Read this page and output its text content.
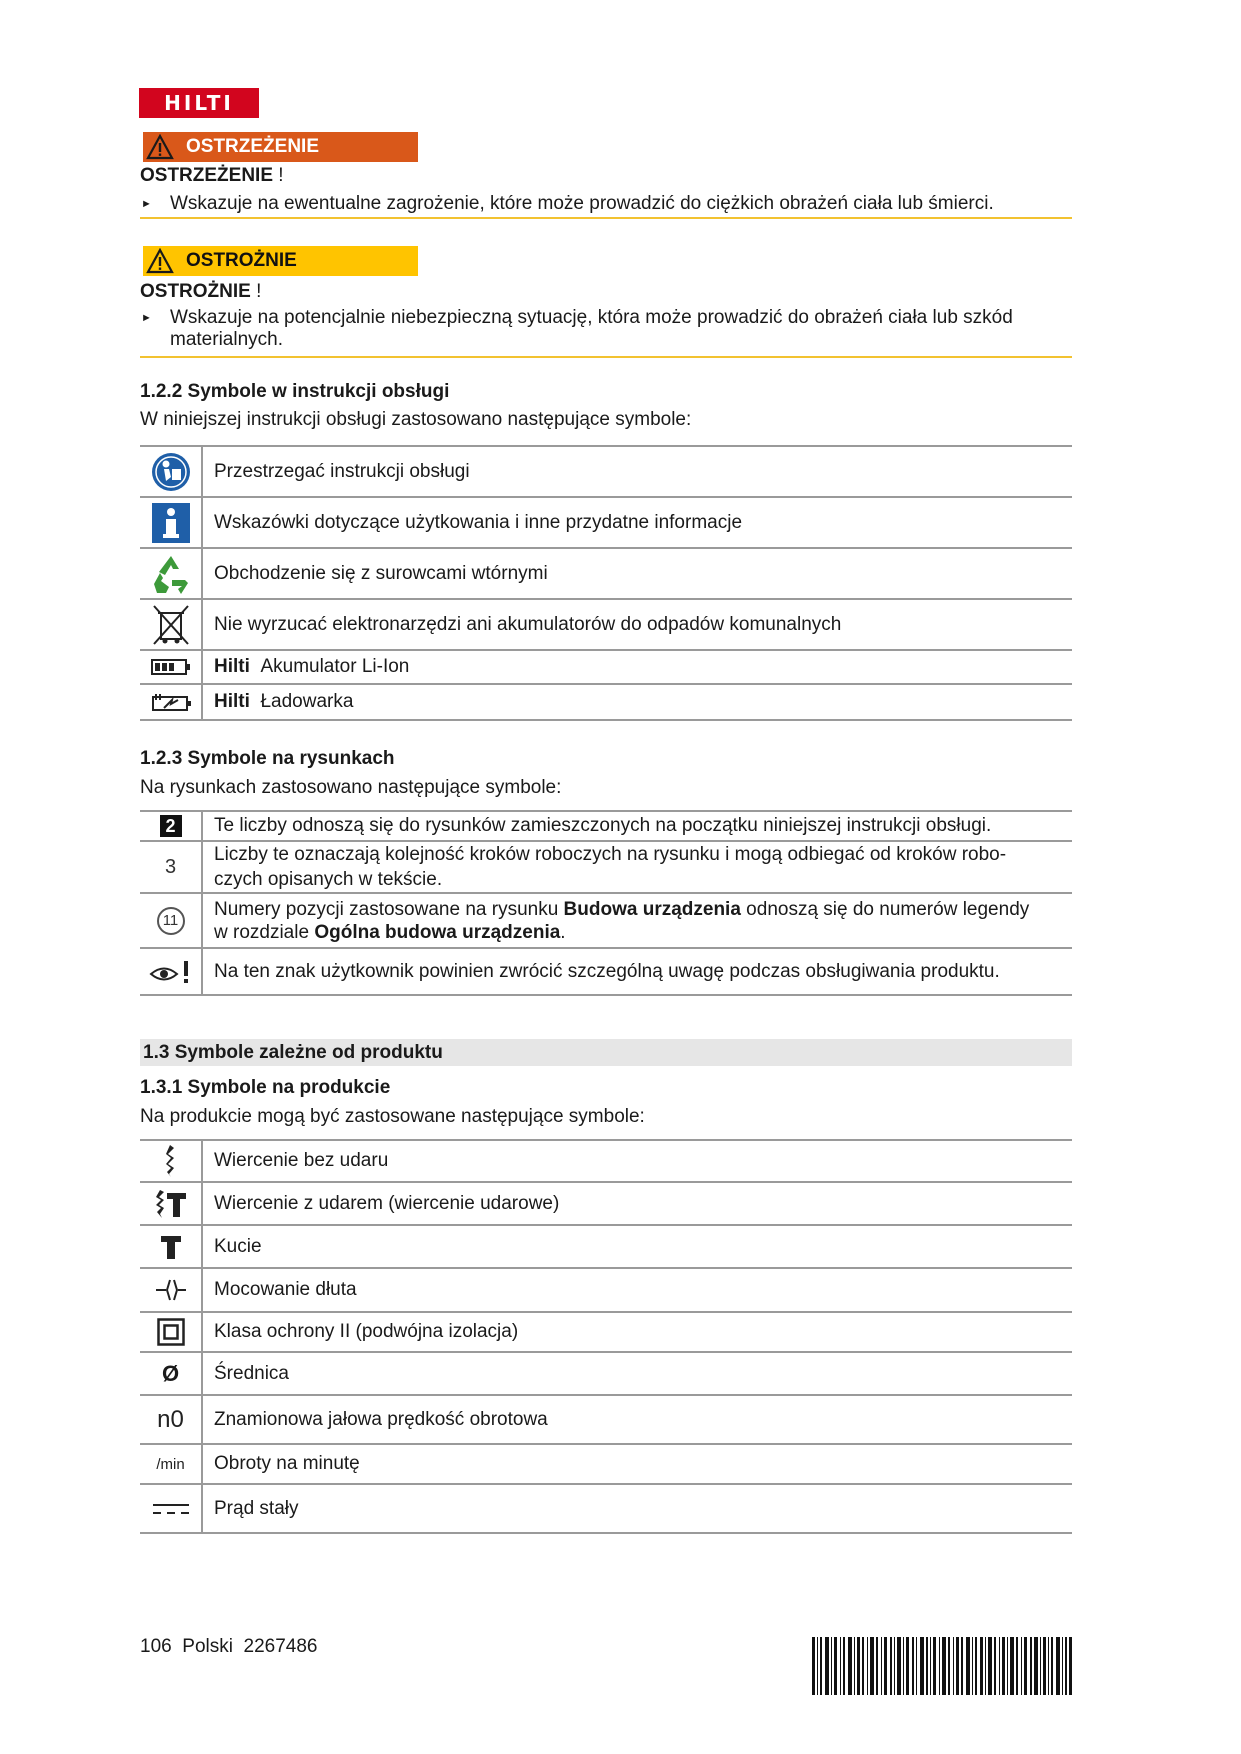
HILTI
OSTRZEŻENIE
OSTRZEŻENIE !
► Wskazuje na ewentualne zagrożenie, które może prowadzić do ciężkich obrażeń ciała lub śmierci.
OSTROŻNIE
OSTROŻNIE !
► Wskazuje na potencjalnie niebezpieczną sytuację, która może prowadzić do obrażeń ciała lub szkód
materialnych.
1.2.2 Symbole w instrukcji obsługi
W niniejszej instrukcji obsługi zastosowano następujące symbole:
	Przestrzegać instrukcji obsługi

	Wskazówki dotyczące użytkowania i inne przydatne informacje

	Obchodzenie się z surowcami wtórnymi

	Nie wyrzucać elektronarzędzi ani akumulatorów do odpadów komunalnych

	Hilti Akumulator Li-Ion

	Hilti Ładowarka
1.2.3 Symbole na rysunkach
Na rysunkach zastosowano następujące symbole:
2	Te liczby odnoszą się do rysunków zamieszczonych na początku niniejszej instrukcji obsługi.
3	Liczby te oznaczają kolejność kroków roboczych na rysunku i mogą odbiegać od kroków robo-
czych opisanych w tekście.

11	Numery pozycji zastosowane na rysunku Budowa urządzenia odnoszą się do numerów legendy
w rozdziale Ogólna budowa urządzenia.

	Na ten znak użytkownik powinien zwrócić szczególną uwagę podczas obsługiwania produktu.
1.3 Symbole zależne od produktu
1.3.1 Symbole na produkcie
Na produkcie mogą być zastosowane następujące symbole:
	Wiercenie bez udaru

	Wiercenie z udarem (wiercenie udarowe)

	Kucie

	Mocowanie dłuta

	Klasa ochrony II (podwójna izolacja)
Ø	Średnica
n0	Znamionowa jałowa prędkość obrotowa
/min	Obroty na minutę

	Prąd stały
106 Polski 2267486
